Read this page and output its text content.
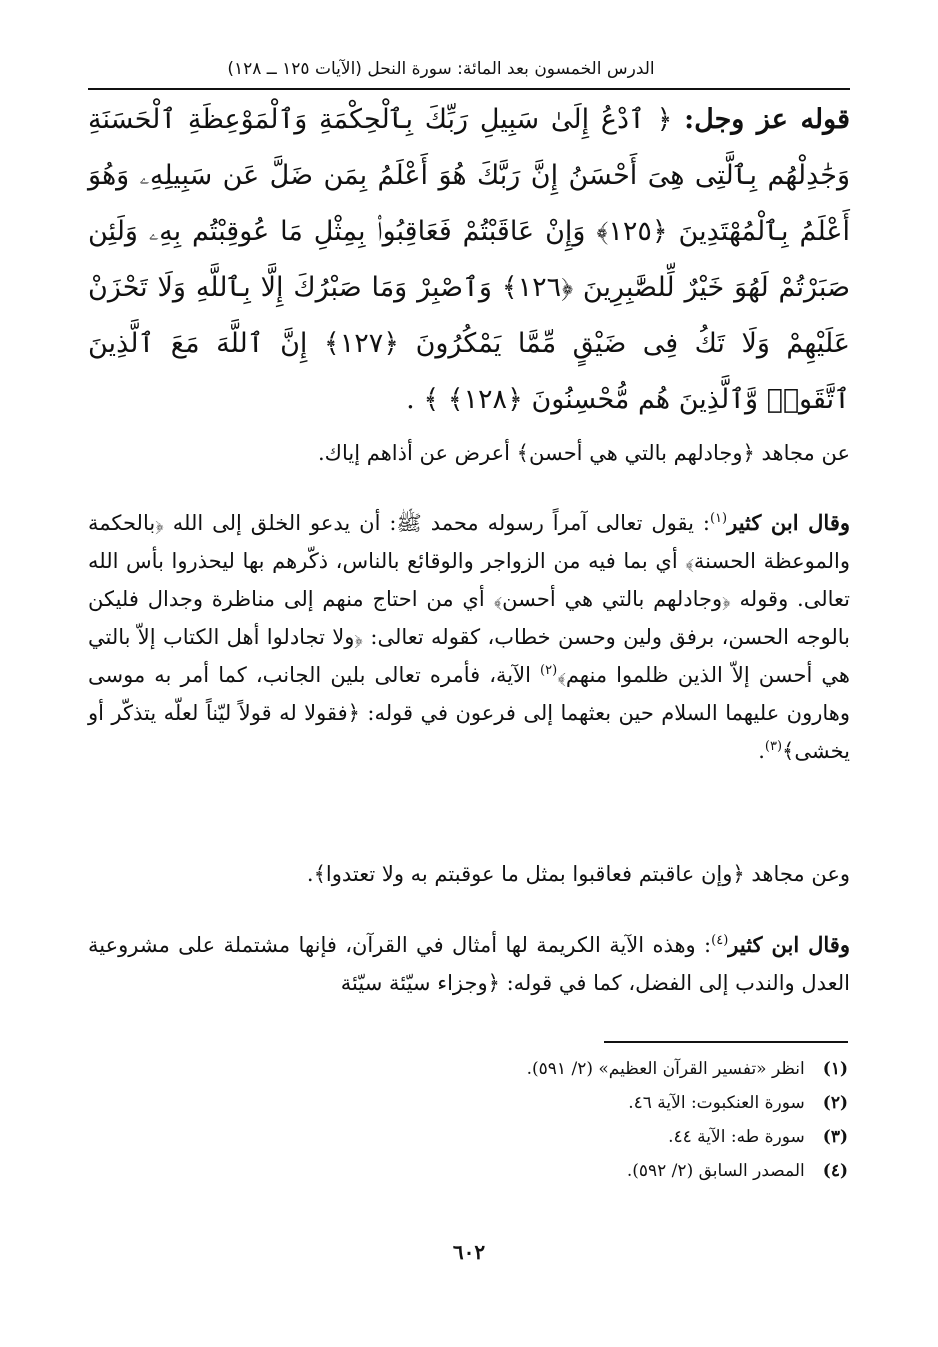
الدرس الخمسون بعد المائة: سورة النحل (الآيات ١٢٥ ــ ١٢٨)
قوله عز وجل: ﴿ ٱدْعُ إِلَىٰ سَبِيلِ رَبِّكَ بِٱلْحِكْمَةِ وَٱلْمَوْعِظَةِ ٱلْحَسَنَةِ وَجَٰدِلْهُم بِٱلَّتِى هِىَ أَحْسَنُ إِنَّ رَبَّكَ هُوَ أَعْلَمُ بِمَن ضَلَّ عَن سَبِيلِهِۦ وَهُوَ أَعْلَمُ بِٱلْمُهْتَدِينَ ﴿١٢٥﴾ وَإِنْ عَاقَبْتُمْ فَعَاقِبُوا۟ بِمِثْلِ مَا عُوقِبْتُم بِهِۦ وَلَئِن صَبَرْتُمْ لَهُوَ خَيْرٌ لِّلصَّٰبِرِينَ ﴿١٢٦﴾ وَٱصْبِرْ وَمَا صَبْرُكَ إِلَّا بِٱللَّهِ وَلَا تَحْزَنْ عَلَيْهِمْ وَلَا تَكُ فِى ضَيْقٍ مِّمَّا يَمْكُرُونَ ﴿١٢٧﴾ إِنَّ ٱللَّهَ مَعَ ٱلَّذِينَ ٱتَّقَوا۟ وَّٱلَّذِينَ هُم مُّحْسِنُونَ ﴿١٢٨﴾ ﴾ .
عن مجاهد ﴿وجادلهم بالتي هي أحسن﴾ أعرض عن أذاهم إياك.
وقال ابن كثير$^{(١)}$: يقول تعالى آمراً رسوله محمد ﷺ: أن يدعو الخلق إلى الله ﴿بالحكمة والموعظة الحسنة﴾ أي بما فيه من الزواجر والوقائع بالناس، ذكّرهم بها ليحذروا بأس الله تعالى. وقوله ﴿وجادلهم بالتي هي أحسن﴾ أي من احتاج منهم إلى مناظرة وجدال فليكن بالوجه الحسن، برفق ولين وحسن خطاب، كقوله تعالى: ﴿ولا تجادلوا أهل الكتاب إلاّ بالتي هي أحسن إلاّ الذين ظلموا منهم﴾$^{(٢)}$ الآية، فأمره تعالى بلين الجانب، كما أمر به موسى وهارون عليهما السلام حين بعثهما إلى فرعون في قوله: ﴿فقولا له قولاً ليّناً لعلّه يتذكّر أو يخشى﴾$^{(٣)}$.
وعن مجاهد ﴿وإن عاقبتم فعاقبوا بمثل ما عوقبتم به ولا تعتدوا﴾.
وقال ابن كثير$^{(٤)}$: وهذه الآية الكريمة لها أمثال في القرآن، فإنها مشتملة على مشروعية العدل والندب إلى الفضل، كما في قوله: ﴿وجزاء سيّئة سيّئة
(١)انظر «تفسير القرآن العظيم» (٢/ ٥٩١).
(٢)سورة العنكبوت: الآية ٤٦.
(٣)سورة طه: الآية ٤٤.
(٤)المصدر السابق (٢/ ٥٩٢).
٦٠٢
